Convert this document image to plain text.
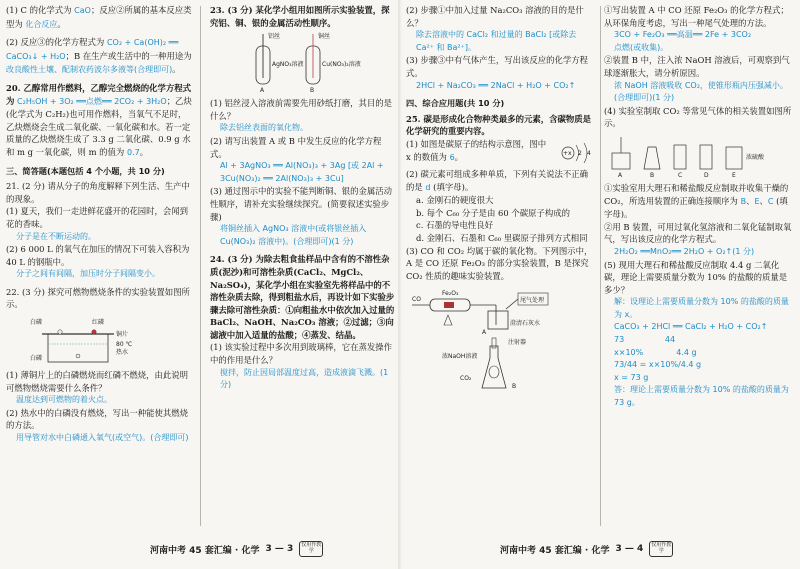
(1) C 的化学式为 CaO；反应②所属的基本反应类型为 化合反应。
(2) 反应③的化学方程式为 CO₂ + Ca(OH)₂ ══ CaCO₃↓ + H₂O；B 在生产或生活中的一种用途为 改良酸性土壤、配制农药波尔多液等(合理即可)。
20. 乙醇常用作燃料，乙醇完全燃烧的化学方程式为 C₂H₅OH + 3O₂ ══点燃══ 2CO₂ + 3H₂O；乙炔(化学式为 C₂H₂)也可用作燃料，当氧气不足时，乙炔燃烧会生成二氧化碳、一氧化碳和水。若一定质量的乙炔燃烧生成了 3.3 g 二氧化碳、0.9 g 水和 m g 一氧化碳，则 m 的值为 0.7。
三、简答题(本题包括 4 个小题，共 10 分)
21. (2 分) 请从分子的角度解释下列生活、生产中的现象。
(1) 夏天，我们一走进鲜花盛开的花园时，会闻到花的香味。
分子是在不断运动的。
(2) 6 000 L 的氧气在加压的情况下可装入容积为 40 L 的钢瓶中。
分子之间有间隔，加压时分子间隔变小。
22. (3 分) 探究可燃物燃烧条件的实验装置如图所示。
白磷	红磷
铜片
80 ℃
热水
白磷
(1) 薄铜片上的白磷燃烧而红磷不燃烧，由此说明可燃物燃烧需要什么条件？
温度达到可燃物的着火点。
(2) 热水中的白磷没有燃烧，写出一种能使其燃烧的方法。
用导管对水中白磷通入氧气(或空气)。(合理即可)
23. (3 分) 某化学小组用如图所示实验装置，探究铝、铜、银的金属活动性顺序。
铝丝	铜丝
AgNO₃溶液	Cu(NO₃)₂溶液
A	B
(1) 铝丝浸入溶液前需要先用砂纸打磨，其目的是什么？
除去铝丝表面的氧化物。
(2) 请写出装置 A 或 B 中发生反应的化学方程式。
Al + 3AgNO₃ ══ Al(NO₃)₃ + 3Ag [或 2Al + 3Cu(NO₃)₂ ══ 2Al(NO₃)₃ + 3Cu]
(3) 通过图示中的实验不能判断铜、银的金属活动性顺序，请补充实验继续探究。(简要叙述实验步骤)
将铜丝插入 AgNO₃ 溶液中(或将银丝插入 Cu(NO₃)₂ 溶液中)。(合理即可)(1 分)
24. (3 分) 为除去粗食盐样品中含有的不溶性杂质(泥沙)和可溶性杂质(CaCl₂、MgCl₂、Na₂SO₄)，某化学小组在实验室先将样品中的不溶性杂质去除，得到粗盐水后，再设计如下实验步骤去除可溶性杂质：①向粗盐水中依次加入过量的 BaCl₂、NaOH、Na₂CO₃ 溶液；②过滤；③向滤液中加入适量的盐酸；④蒸发、结晶。
(1) 该实验过程中多次用到玻璃棒，它在蒸发操作中的作用是什么？
搅拌，防止因局部温度过高，造成液滴飞溅。(1 分)
(2) 步骤①中加入过量 Na₂CO₃ 溶液的目的是什么？
除去溶液中的 CaCl₂ 和过量的 BaCl₂ [或除去 Ca²⁺ 和 Ba²⁺]。
(3) 步骤③中有气体产生，写出该反应的化学方程式。
2HCl + Na₂CO₃ ══ 2NaCl + H₂O + CO₂↑
四、综合应用题(共 10 分)
25. 碳是形成化合物种类最多的元素，含碳物质是化学研究的重要内容。
(1) 如图是碳原子的结构示意图，图中 x 的数值为 6。	+x 2 4
(2) 碳元素可组成多种单质，下列有关说法不正确的是 d (填字母)。
a. 金刚石的硬度很大
b. 每个 C₆₀ 分子是由 60 个碳原子构成的
c. 石墨的导电性良好
d. 金刚石、石墨和 C₆₀ 里碳原子排列方式相同
(3) CO 和 CO₂ 均属于碳的氧化物。下列图示中，A 是 CO 还原 Fe₂O₃ 的部分实验装置，B 是探究 CO₂ 性质的趣味实验装置。
CO
Fe₂O₃
澄清石灰水
尾气处理
A
注射器
浓NaOH溶液
CO₂
B
①写出装置 A 中 CO 还原 Fe₂O₃ 的化学方程式；从环保角度考虑，写出一种尾气处理的方法。
3CO + Fe₂O₃ ══高温══ 2Fe + 3CO₂
点燃(或收集)。
②装置 B 中，注入浓 NaOH 溶液后，可观察到气球逐渐胀大，请分析原因。
浓 NaOH 溶液吸收 CO₂，使锥形瓶内压强减小。(合理即可)(1 分)
(4) 实验室制取 CO₂ 等常见气体的相关装置如图所示。
A	B	C	D	E
浓硫酸
①实验室用大理石和稀盐酸反应制取并收集干燥的 CO₂，所选用装置的正确连接顺序为 B、E、C (填字母)。
②用 B 装置，可用过氧化氢溶液和二氧化锰制取氧气，写出该反应的化学方程式。
2H₂O₂ ══MnO₂══ 2H₂O + O₂↑(1 分)
(5) 现用大理石和稀盐酸反应制取 4.4 g 二氧化碳，理论上需要质量分数为 10% 的盐酸的质量是多少？
解：设理论上需要质量分数为 10% 的盐酸的质量为 x。
CaCO₃ + 2HCl ══ CaCl₂ + H₂O + CO₂↑
73                44
x×10%             4.4 g
73/44 = x×10%/4.4 g
x = 73 g
答：理论上需要质量分数为 10% 的盐酸的质量为 73 g。
河南中考 45 套汇编 · 化学 3 — 3	仅用作教学	河南中考 45 套汇编 · 化学 3 — 4	仅用作教学
